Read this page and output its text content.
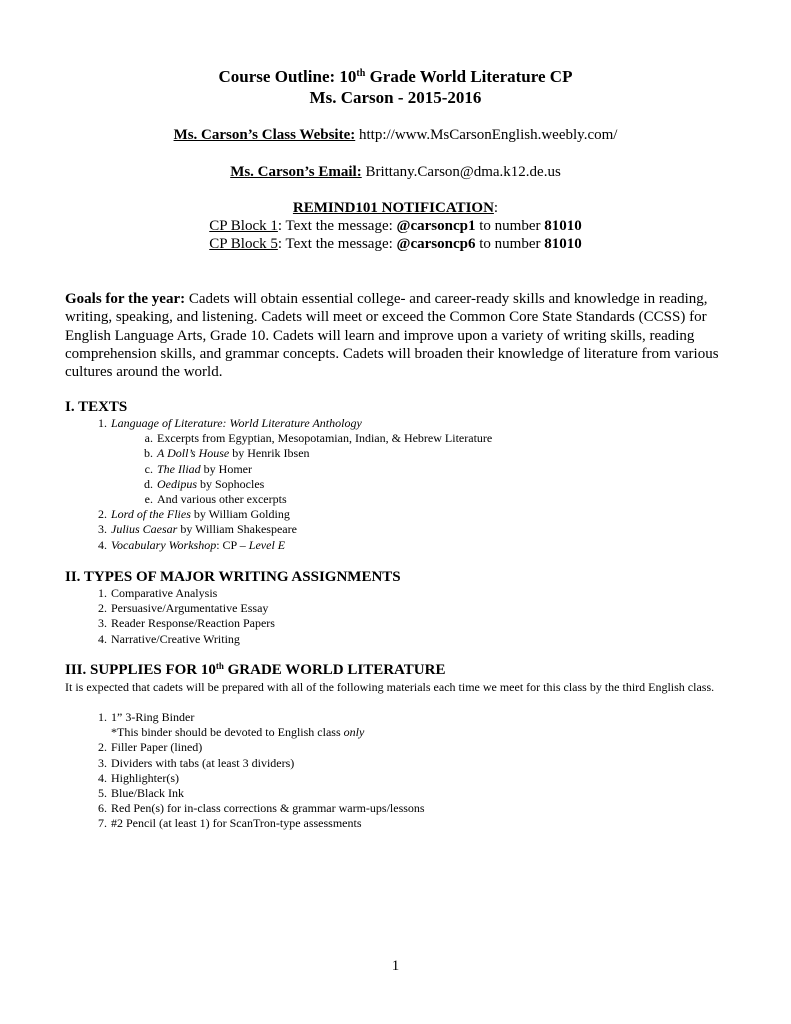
Course Outline: 10th Grade World Literature CP
Ms. Carson - 2015-2016
Ms. Carson’s Class Website: http://www.MsCarsonEnglish.weebly.com/
Ms. Carson’s Email: Brittany.Carson@dma.k12.de.us
REMIND101 NOTIFICATION:
CP Block 1: Text the message: @carsoncp1 to number 81010
CP Block 5: Text the message: @carsoncp6 to number 81010
Goals for the year: Cadets will obtain essential college- and career-ready skills and knowledge in reading, writing, speaking, and listening. Cadets will meet or exceed the Common Core State Standards (CCSS) for English Language Arts, Grade 10. Cadets will learn and improve upon a variety of writing skills, reading comprehension skills, and grammar concepts. Cadets will broaden their knowledge of literature from various cultures around the world.
I. TEXTS
1. Language of Literature: World Literature Anthology
a. Excerpts from Egyptian, Mesopotamian, Indian, & Hebrew Literature
b. A Doll’s House by Henrik Ibsen
c. The Iliad by Homer
d. Oedipus by Sophocles
e. And various other excerpts
2. Lord of the Flies by William Golding
3. Julius Caesar by William Shakespeare
4. Vocabulary Workshop: CP – Level E
II. TYPES OF MAJOR WRITING ASSIGNMENTS
1. Comparative Analysis
2. Persuasive/Argumentative Essay
3. Reader Response/Reaction Papers
4. Narrative/Creative Writing
III. SUPPLIES FOR 10th GRADE WORLD LITERATURE
It is expected that cadets will be prepared with all of the following materials each time we meet for this class by the third English class.
1. 1” 3-Ring Binder
*This binder should be devoted to English class only
2. Filler Paper (lined)
3. Dividers with tabs (at least 3 dividers)
4. Highlighter(s)
5. Blue/Black Ink
6. Red Pen(s) for in-class corrections & grammar warm-ups/lessons
7. #2 Pencil (at least 1) for ScanTron-type assessments
1
